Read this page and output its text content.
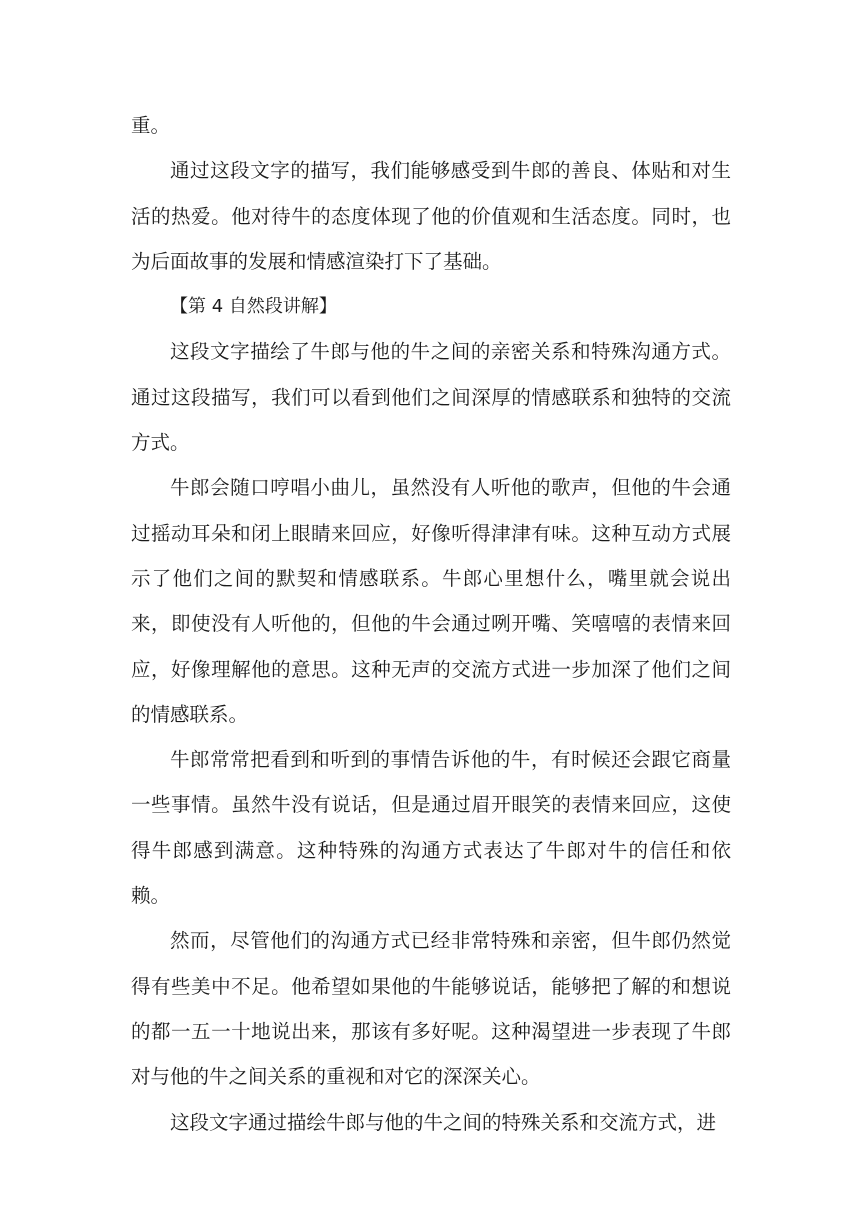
重。

通过这段文字的描写，我们能够感受到牛郎的善良、体贴和对生活的热爱。他对待牛的态度体现了他的价值观和生活态度。同时，也为后面故事的发展和情感渲染打下了基础。

【第 4 自然段讲解】

这段文字描绘了牛郎与他的牛之间的亲密关系和特殊沟通方式。通过这段描写，我们可以看到他们之间深厚的情感联系和独特的交流方式。

牛郎会随口哼唱小曲儿，虽然没有人听他的歌声，但他的牛会通过摇动耳朵和闭上眼睛来回应，好像听得津津有味。这种互动方式展示了他们之间的默契和情感联系。牛郎心里想什么，嘴里就会说出来，即使没有人听他的，但他的牛会通过咧开嘴、笑嘻嘻的表情来回应，好像理解他的意思。这种无声的交流方式进一步加深了他们之间的情感联系。

牛郎常常把看到和听到的事情告诉他的牛，有时候还会跟它商量一些事情。虽然牛没有说话，但是通过眉开眼笑的表情来回应，这使得牛郎感到满意。这种特殊的沟通方式表达了牛郎对牛的信任和依赖。

然而，尽管他们的沟通方式已经非常特殊和亲密，但牛郎仍然觉得有些美中不足。他希望如果他的牛能够说话，能够把了解的和想说的都一五一十地说出来，那该有多好呢。这种渴望进一步表现了牛郎对与他的牛之间关系的重视和对它的深深关心。

这段文字通过描绘牛郎与他的牛之间的特殊关系和交流方式，进
